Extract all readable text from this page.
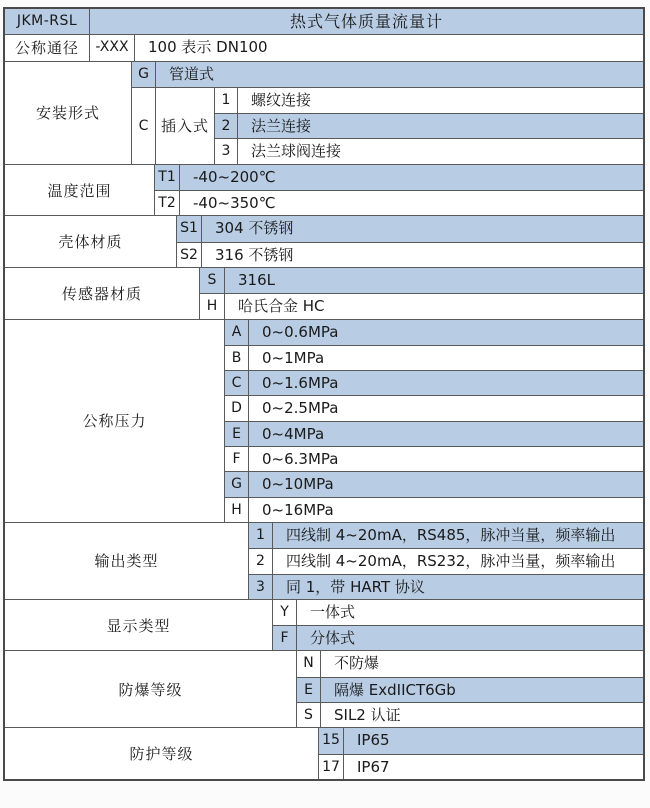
JKM-RSL	热式气体质量流量计
公称通径	-XXX	100 表示 DN100
安装形式
G	管道式
C 插入式
1	螺纹连接
2	法兰连接
3	法兰球阀连接
温度范围
T1	-40~200℃
T2	-40~350℃
壳体材质
S1	304 不锈钢
S2	316 不锈钢
传感器材质
S	316L
H	哈氏合金 HC
公称压力
A	0~0.6MPa
B	0~1MPa
C	0~1.6MPa
D	0~2.5MPa
E	0~4MPa
F	0~6.3MPa
G	0~10MPa
H	0~16MPa
输出类型
1	四线制 4~20mA，RS485，脉冲当量，频率输出
2	四线制 4~20mA，RS232，脉冲当量，频率输出
3	同 1，带 HART 协议
显示类型
Y	一体式
F	分体式
防爆等级
N	不防爆
E	隔爆 ExdIICT6Gb
S	SIL2 认证
防护等级
15	IP65
17	IP67
